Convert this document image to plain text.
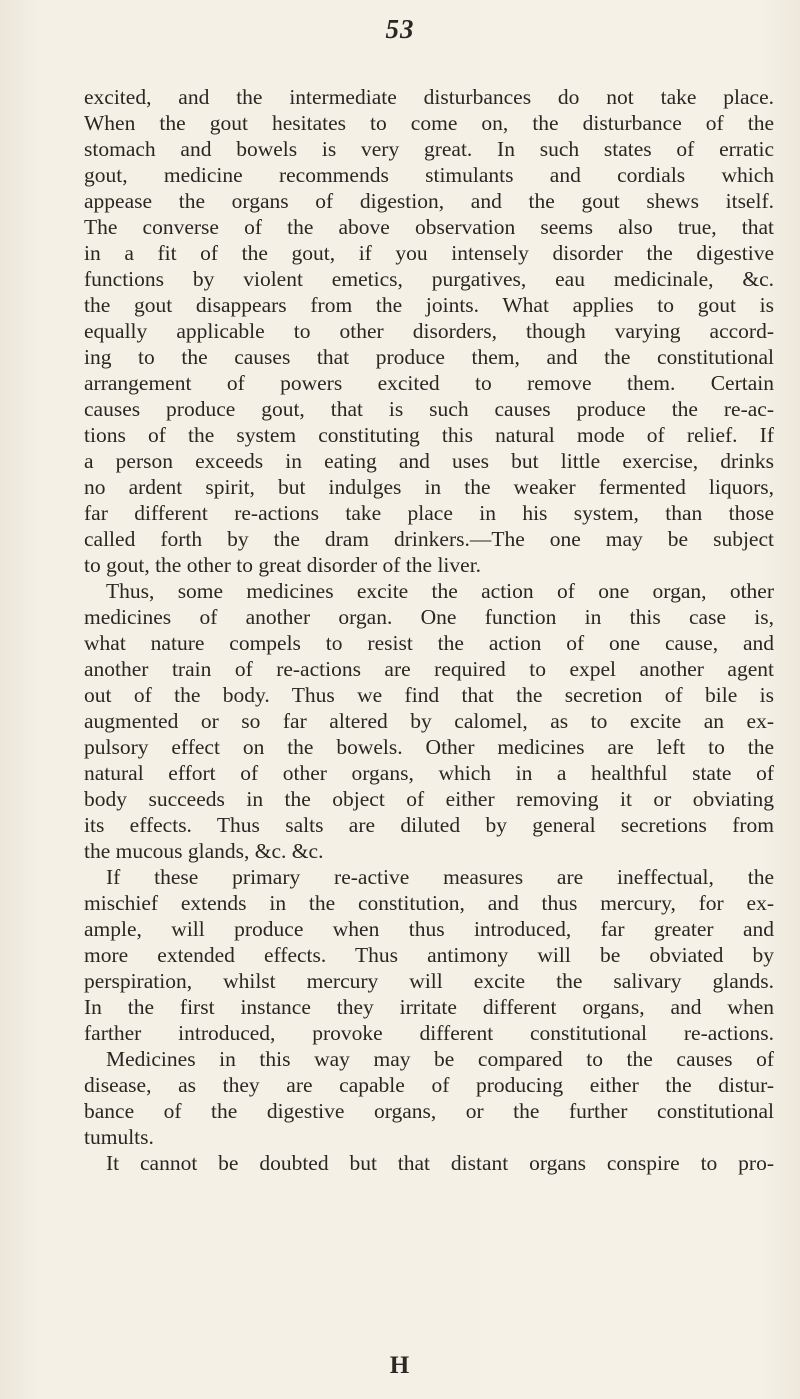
53
excited, and the intermediate disturbances do not take place.
When the gout hesitates to come on, the disturbance of the
stomach and bowels is very great. In such states of erratic
gout, medicine recommends stimulants and cordials which
appease the organs of digestion, and the gout shews itself.
The converse of the above observation seems also true, that
in a fit of the gout, if you intensely disorder the digestive
functions by violent emetics, purgatives, eau medicinale, &c.
the gout disappears from the joints. What applies to gout is
equally applicable to other disorders, though varying accord-
ing to the causes that produce them, and the constitutional
arrangement of powers excited to remove them. Certain
causes produce gout, that is such causes produce the re-ac-
tions of the system constituting this natural mode of relief. If
a person exceeds in eating and uses but little exercise, drinks
no ardent spirit, but indulges in the weaker fermented liquors,
far different re-actions take place in his system, than those
called forth by the dram drinkers.—The one may be subject
to gout, the other to great disorder of the liver.
Thus, some medicines excite the action of one organ, other
medicines of another organ. One function in this case is,
what nature compels to resist the action of one cause, and
another train of re-actions are required to expel another agent
out of the body. Thus we find that the secretion of bile is
augmented or so far altered by calomel, as to excite an ex-
pulsory effect on the bowels. Other medicines are left to the
natural effort of other organs, which in a healthful state of
body succeeds in the object of either removing it or obviating
its effects. Thus salts are diluted by general secretions from
the mucous glands, &c. &c.
If these primary re-active measures are ineffectual, the
mischief extends in the constitution, and thus mercury, for ex-
ample, will produce when thus introduced, far greater and
more extended effects. Thus antimony will be obviated by
perspiration, whilst mercury will excite the salivary glands.
In the first instance they irritate different organs, and when
farther introduced, provoke different constitutional re-actions.
Medicines in this way may be compared to the causes of
disease, as they are capable of producing either the distur-
bance of the digestive organs, or the further constitutional
tumults.
It cannot be doubted but that distant organs conspire to pro-
H
